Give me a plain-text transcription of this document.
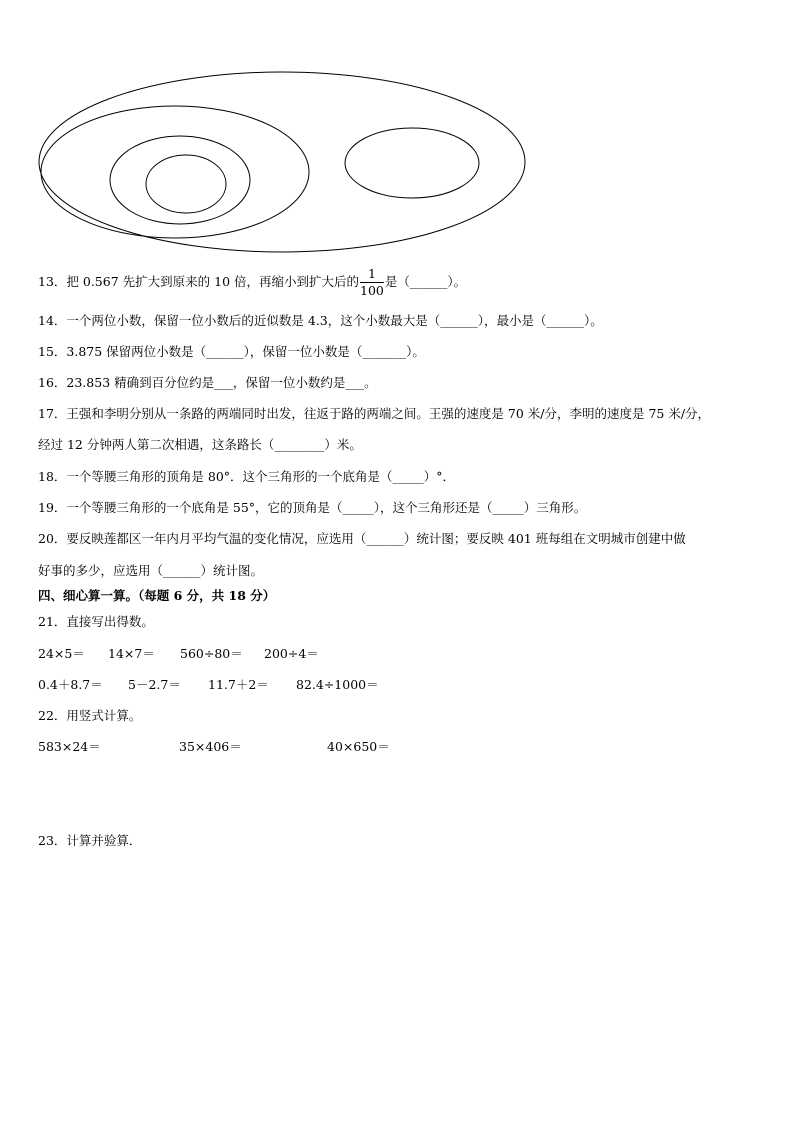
13．把 0.567 先扩大到原来的 10 倍，再缩小到扩大后的 $\frac{1}{100}$ 是（______）。
14．一个两位小数，保留一位小数后的近似数是 4.3，这个小数最大是（______），最小是（______）。
15．3.875 保留两位小数是（______），保留一位小数是（_______）。
16．23.853 精确到百分位约是___，保留一位小数约是___。
17．王强和李明分别从一条路的两端同时出发，往返于路的两端之间。王强的速度是 70 米/分，李明的速度是 75 米/分，
经过 12 分钟两人第二次相遇，这条路长（________）米。
18．一个等腰三角形的顶角是 80°．这个三角形的一个底角是（_____）°．
19．一个等腰三角形的一个底角是 55°，它的顶角是（_____），这个三角形还是（_____）三角形。
20．要反映莲都区一年内月平均气温的变化情况，应选用（______）统计图；要反映 401 班每组在文明城市创建中做
好事的多少，应选用（______）统计图。
四、细心算一算。（每题 6 分，共 18 分）
21．直接写出得数。
24×5＝ 14×7＝ 560÷80＝ 200÷4＝
0.4＋8.7＝ 5－2.7＝ 11.7＋2＝ 82.4÷1000＝
22．用竖式计算。
583×24＝	35×406＝	40×650＝
23．计算并验算．
